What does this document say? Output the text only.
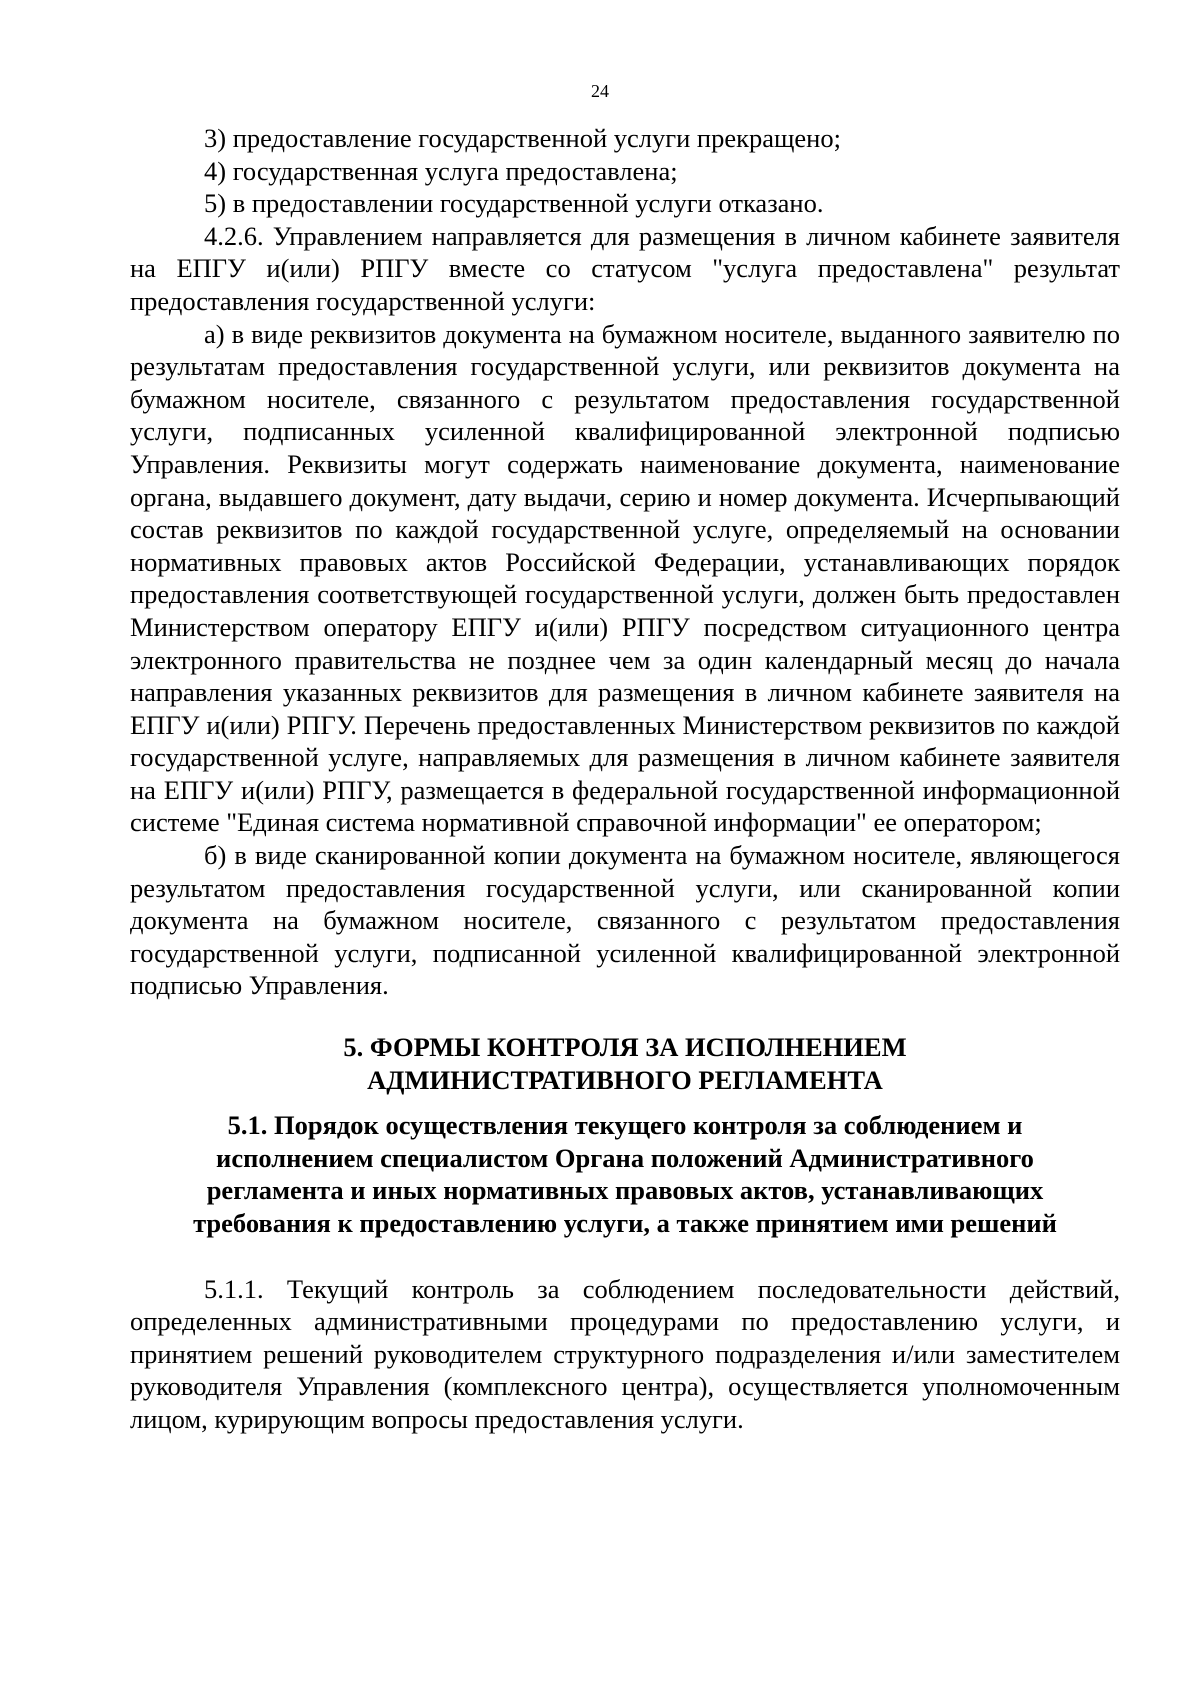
24

3) предоставление государственной услуги прекращено;

4) государственная услуга предоставлена;

5) в предоставлении государственной услуги отказано.

4.2.6. Управлением направляется для размещения в личном кабинете заявителя на ЕПГУ и(или) РПГУ вместе со статусом "услуга предоставлена" результат предоставления государственной услуги:

а) в виде реквизитов документа на бумажном носителе, выданного заявителю по результатам предоставления государственной услуги, или реквизитов документа на бумажном носителе, связанного с результатом предоставления государственной услуги, подписанных усиленной квалифицированной электронной подписью Управления. Реквизиты могут содержать наименование документа, наименование органа, выдавшего документ, дату выдачи, серию и номер документа. Исчерпывающий состав реквизитов по каждой государственной услуге, определяемый на основании нормативных правовых актов Российской Федерации, устанавливающих порядок предоставления соответствующей государственной услуги, должен быть предоставлен Министерством оператору ЕПГУ и(или) РПГУ посредством ситуационного центра электронного правительства не позднее чем за один календарный месяц до начала направления указанных реквизитов для размещения в личном кабинете заявителя на ЕПГУ и(или) РПГУ. Перечень предоставленных Министерством реквизитов по каждой государственной услуге, направляемых для размещения в личном кабинете заявителя на ЕПГУ и(или) РПГУ, размещается в федеральной государственной информационной системе "Единая система нормативной справочной информации" ее оператором;

б) в виде сканированной копии документа на бумажном носителе, являющегося результатом предоставления государственной услуги, или сканированной копии документа на бумажном носителе, связанного с результатом предоставления государственной услуги, подписанной усиленной квалифицированной электронной подписью Управления.

5. ФОРМЫ КОНТРОЛЯ ЗА ИСПОЛНЕНИЕМ
АДМИНИСТРАТИВНОГО РЕГЛАМЕНТА
5.1. Порядок осуществления текущего контроля за соблюдением и
исполнением специалистом Органа положений Административного
регламента и иных нормативных правовых актов, устанавливающих
требования к предоставлению услуги, а также принятием ими решений

5.1.1. Текущий контроль за соблюдением последовательности действий, определенных административными процедурами по предоставлению услуги, и принятием решений руководителем структурного подразделения и/или заместителем руководителя Управления (комплексного центра), осуществляется уполномоченным лицом, курирующим вопросы предоставления услуги.
